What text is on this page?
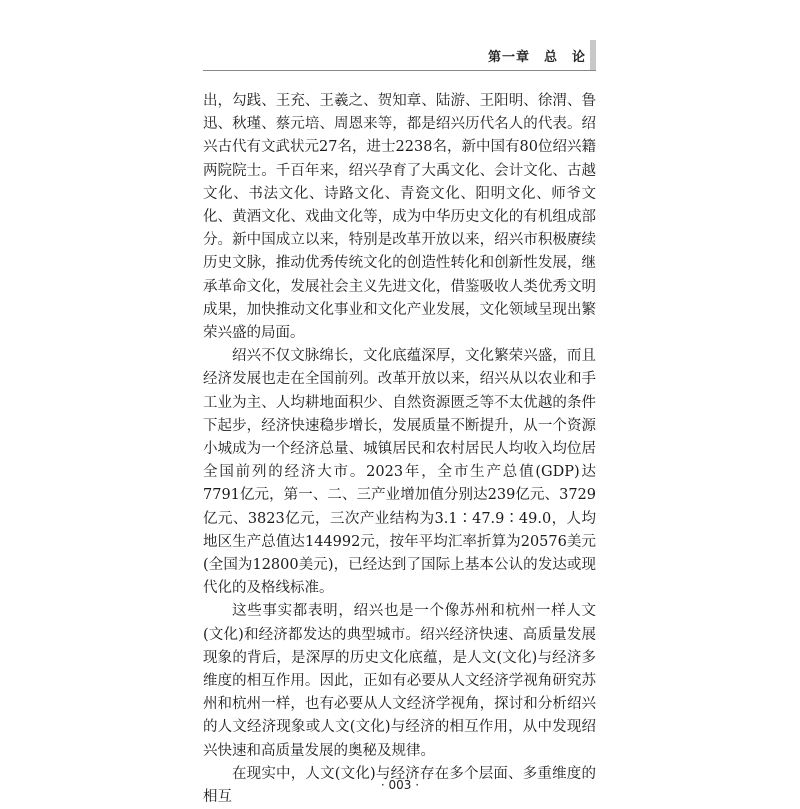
第一章 总 论

出，勾践、王充、王羲之、贺知章、陆游、王阳明、徐渭、鲁迅、秋瑾、蔡元培、周恩来等，都是绍兴历代名人的代表。绍兴古代有文武状元27名，进士2238名，新中国有80位绍兴籍两院院士。千百年来，绍兴孕育了大禹文化、会计文化、古越文化、书法文化、诗路文化、青瓷文化、阳明文化、师爷文化、黄酒文化、戏曲文化等，成为中华历史文化的有机组成部分。新中国成立以来，特别是改革开放以来，绍兴市积极赓续历史文脉，推动优秀传统文化的创造性转化和创新性发展，继承革命文化，发展社会主义先进文化，借鉴吸收人类优秀文明成果，加快推动文化事业和文化产业发展，文化领域呈现出繁荣兴盛的局面。

绍兴不仅文脉绵长，文化底蕴深厚，文化繁荣兴盛，而且经济发展也走在全国前列。改革开放以来，绍兴从以农业和手工业为主、人均耕地面积少、自然资源匮乏等不太优越的条件下起步，经济快速稳步增长，发展质量不断提升，从一个资源小城成为一个经济总量、城镇居民和农村居民人均收入均位居全国前列的经济大市。2023年，全市生产总值(GDP)达7791亿元，第一、二、三产业增加值分别达239亿元、3729亿元、3823亿元，三次产业结构为3.1∶47.9∶49.0，人均地区生产总值达144992元，按年平均汇率折算为20576美元(全国为12800美元)，已经达到了国际上基本公认的发达或现代化的及格线标准。

这些事实都表明，绍兴也是一个像苏州和杭州一样人文(文化)和经济都发达的典型城市。绍兴经济快速、高质量发展现象的背后，是深厚的历史文化底蕴，是人文(文化)与经济多维度的相互作用。因此，正如有必要从人文经济学视角研究苏州和杭州一样，也有必要从人文经济学视角，探讨和分析绍兴的人文经济现象或人文(文化)与经济的相互作用，从中发现绍兴快速和高质量发展的奥秘及规律。

在现实中，人文(文化)与经济存在多个层面、多重维度的相互

· 003 ·
